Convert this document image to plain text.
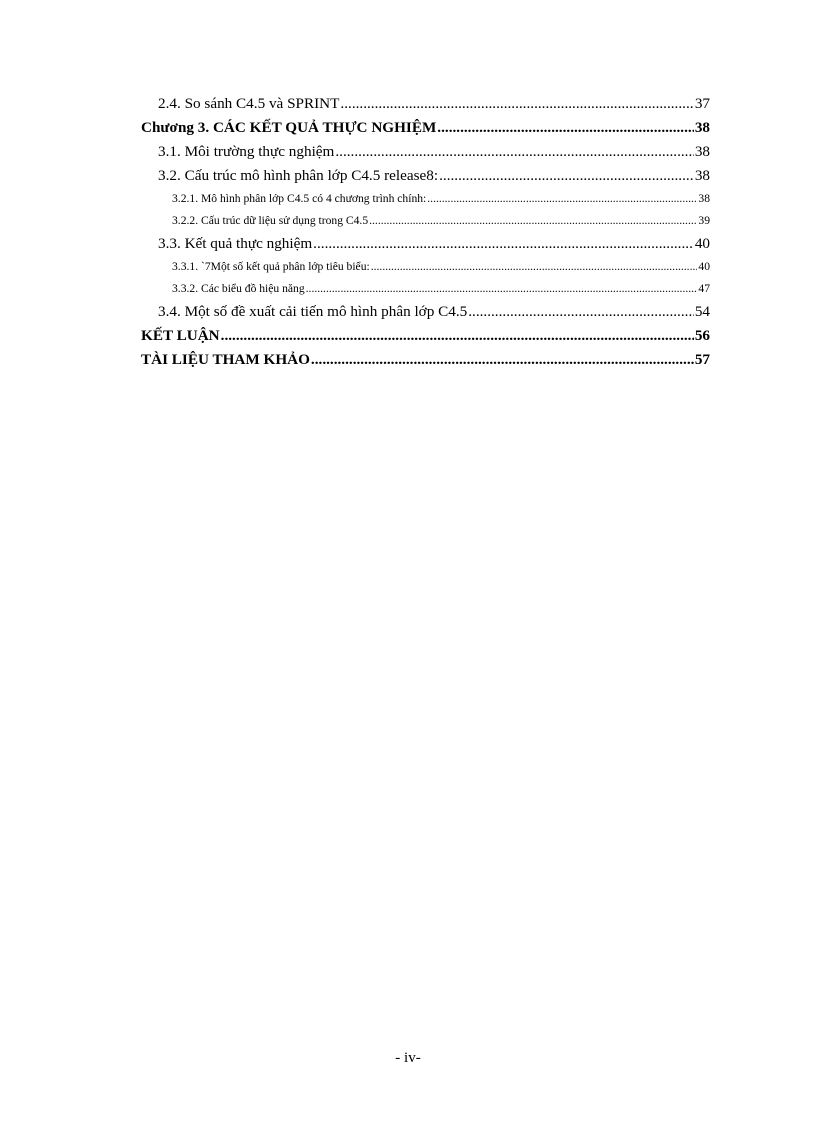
2.4. So sánh C4.5 và SPRINT .....	37
Chương 3. CÁC KẾT QUẢ THỰC NGHIỆM .....	38
3.1. Môi trường thực nghiệm .....	38
3.2. Cấu trúc mô hình phân lớp C4.5 release8: .....	38
3.2.1. Mô hình phân lớp C4.5 có 4 chương trình chính: .....	38
3.2.2. Cấu trúc dữ liệu sử dụng trong C4.5 .....	39
3.3. Kết quả thực nghiệm .....	40
3.3.1. `7Một số kết quả phân lớp tiêu biểu: .....	40
3.3.2. Các biểu đồ hiệu năng .....	47
3.4. Một số đề xuất cải tiến mô hình phân lớp C4.5 .....	54
KẾT LUẬN .....	56
TÀI LIỆU THAM KHẢO .....	57
- iv-
